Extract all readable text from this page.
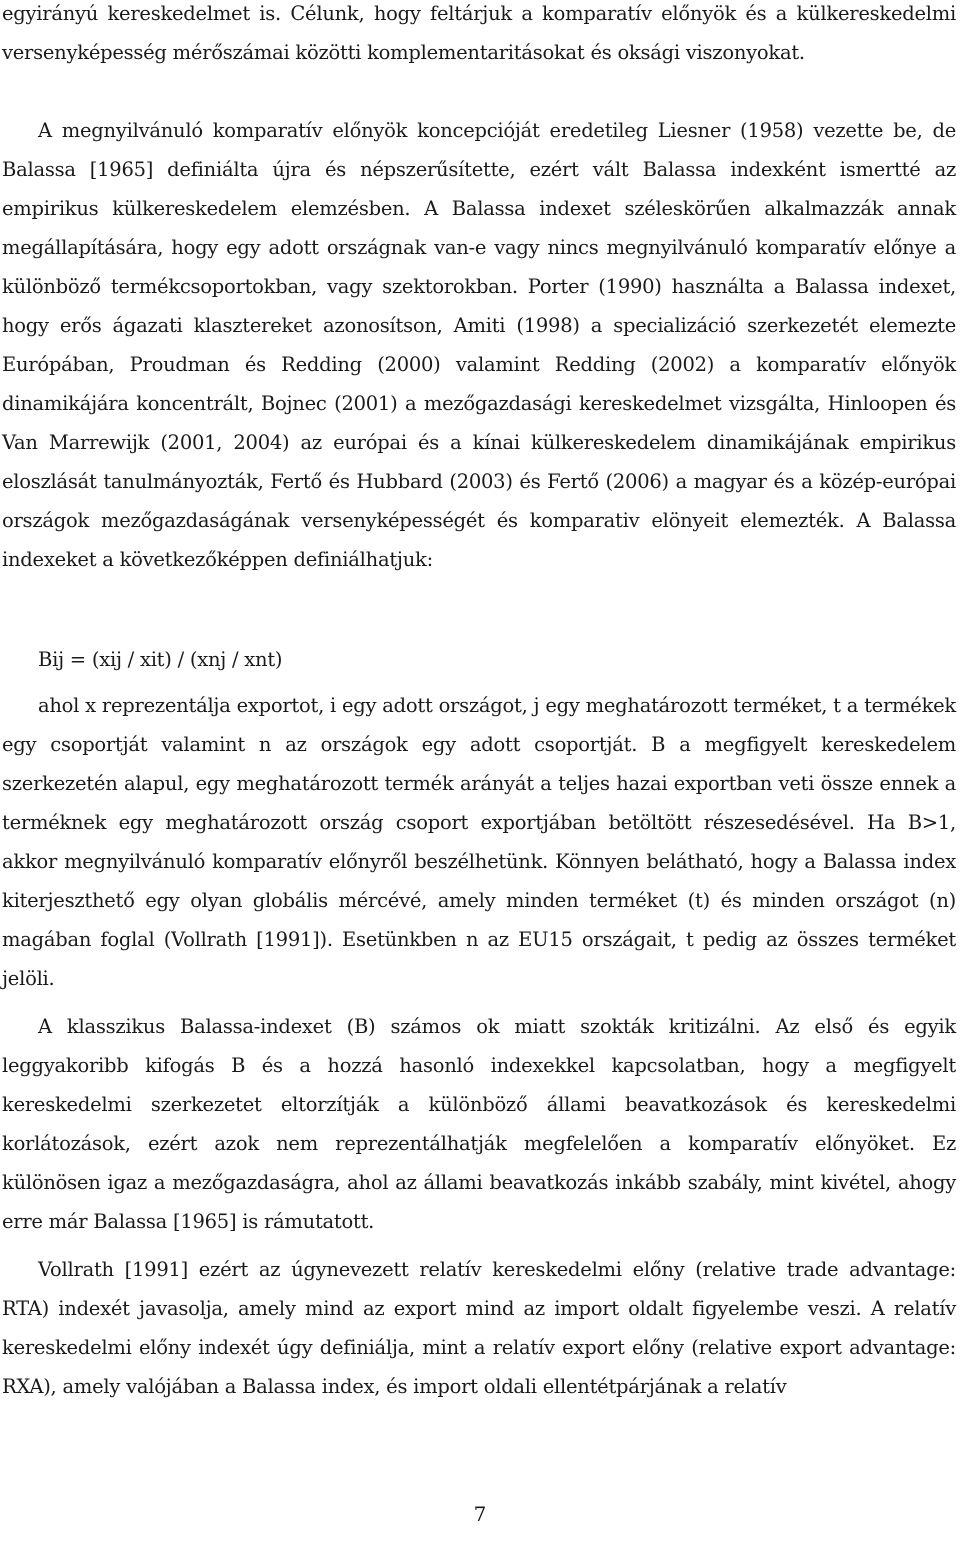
egyirányú kereskedelmet is. Célunk, hogy feltárjuk a komparatív előnyök és a külkereskedelmi versenyképesség mérőszámai közötti komplementaritásokat és oksági viszonyokat.

A megnyilvánuló komparatív előnyök koncepcióját eredetileg Liesner (1958) vezette be, de Balassa [1965] definiálta újra és népszerűsítette, ezért vált Balassa indexként ismertté az empirikus külkereskedelem elemzésben. A Balassa indexet széleskörűen alkalmazzák annak megállapítására, hogy egy adott országnak van-e vagy nincs megnyilvánuló komparatív előnye a különböző termékcsoportokban, vagy szektorokban. Porter (1990) használta a Balassa indexet, hogy erős ágazati klasztereket azonosítson, Amiti (1998) a specializáció szerkezetét elemezte Európában, Proudman és Redding (2000) valamint Redding (2002) a komparatív előnyök dinamikájára koncentrált, Bojnec (2001) a mezőgazdasági kereskedelmet vizsgálta, Hinloopen és Van Marrewijk (2001, 2004) az európai és a kínai külkereskedelem dinamikájának empirikus eloszlását tanulmányozták, Fertő és Hubbard (2003) és Fertő (2006) a magyar és a közép-európai országok mezőgazdaságának versenyképességét és komparativ elönyeit elemezték. A Balassa indexeket a következőképpen definiálhatjuk:

Bij = (xij / xit) / (xnj / xnt)

ahol x reprezentálja exportot, i egy adott országot, j egy meghatározott terméket, t a termékek egy csoportját valamint n az országok egy adott csoportját. B a megfigyelt kereskedelem szerkezetén alapul, egy meghatározott termék arányát a teljes hazai exportban veti össze ennek a terméknek egy meghatározott ország csoport exportjában betöltött részesedésével. Ha B>1, akkor megnyilvánuló komparatív előnyről beszélhetünk. Könnyen belátható, hogy a Balassa index kiterjeszthető egy olyan globális mércévé, amely minden terméket (t) és minden országot (n) magában foglal (Vollrath [1991]). Esetünkben n az EU15 országait, t pedig az összes terméket jelöli.

A klasszikus Balassa-indexet (B) számos ok miatt szokták kritizálni. Az első és egyik leggyakoribb kifogás B és a hozzá hasonló indexekkel kapcsolatban, hogy a megfigyelt kereskedelmi szerkezetet eltorzítják a különböző állami beavatkozások és kereskedelmi korlátozások, ezért azok nem reprezentálhatják megfelelően a komparatív előnyöket. Ez különösen igaz a mezőgazdaságra, ahol az állami beavatkozás inkább szabály, mint kivétel, ahogy erre már Balassa [1965] is rámutatott.

Vollrath [1991] ezért az úgynevezett relatív kereskedelmi előny (relative trade advantage: RTA) indexét javasolja, amely mind az export mind az import oldalt figyelembe veszi. A relatív kereskedelmi előny indexét úgy definiálja, mint a relatív export előny (relative export advantage: RXA), amely valójában a Balassa index, és import oldali ellentétpárjának a relatív

7
